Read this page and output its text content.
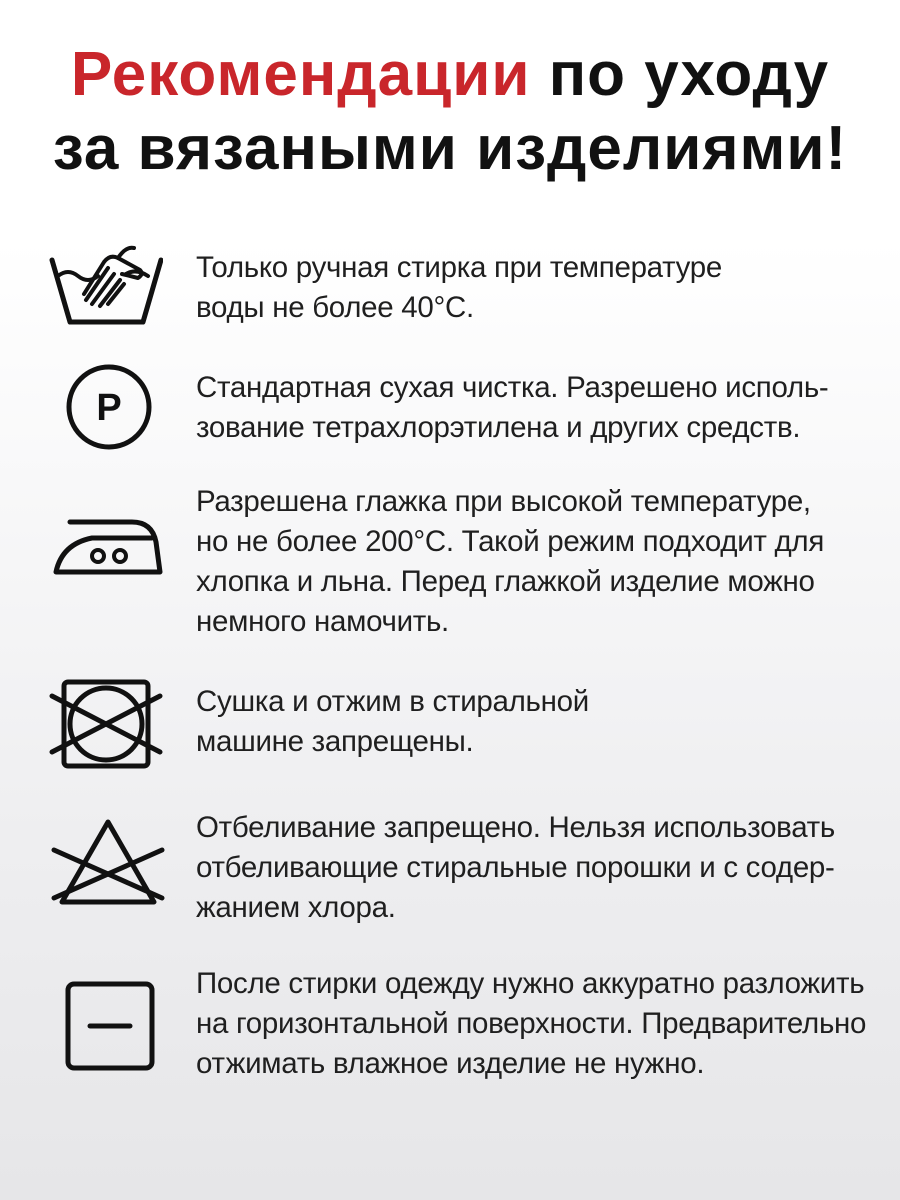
Рекомендации по уходу
за вязаными изделиями!
Только ручная стирка при температуре
воды не более 40°C.
P	Стандартная сухая чистка. Разрешено исполь-
зование тетрахлорэтилена и других средств.
Разрешена глажка при высокой температуре,
но не более 200°C. Такой режим подходит для
хлопка и льна. Перед глажкой изделие можно
немного намочить.
Сушка и отжим в стиральной
машине запрещены.
Отбеливание запрещено. Нельзя использовать
отбеливающие стиральные порошки и с содер-
жанием хлора.
После стирки одежду нужно аккуратно разложить
на горизонтальной поверхности. Предварительно
отжимать влажное изделие не нужно.
